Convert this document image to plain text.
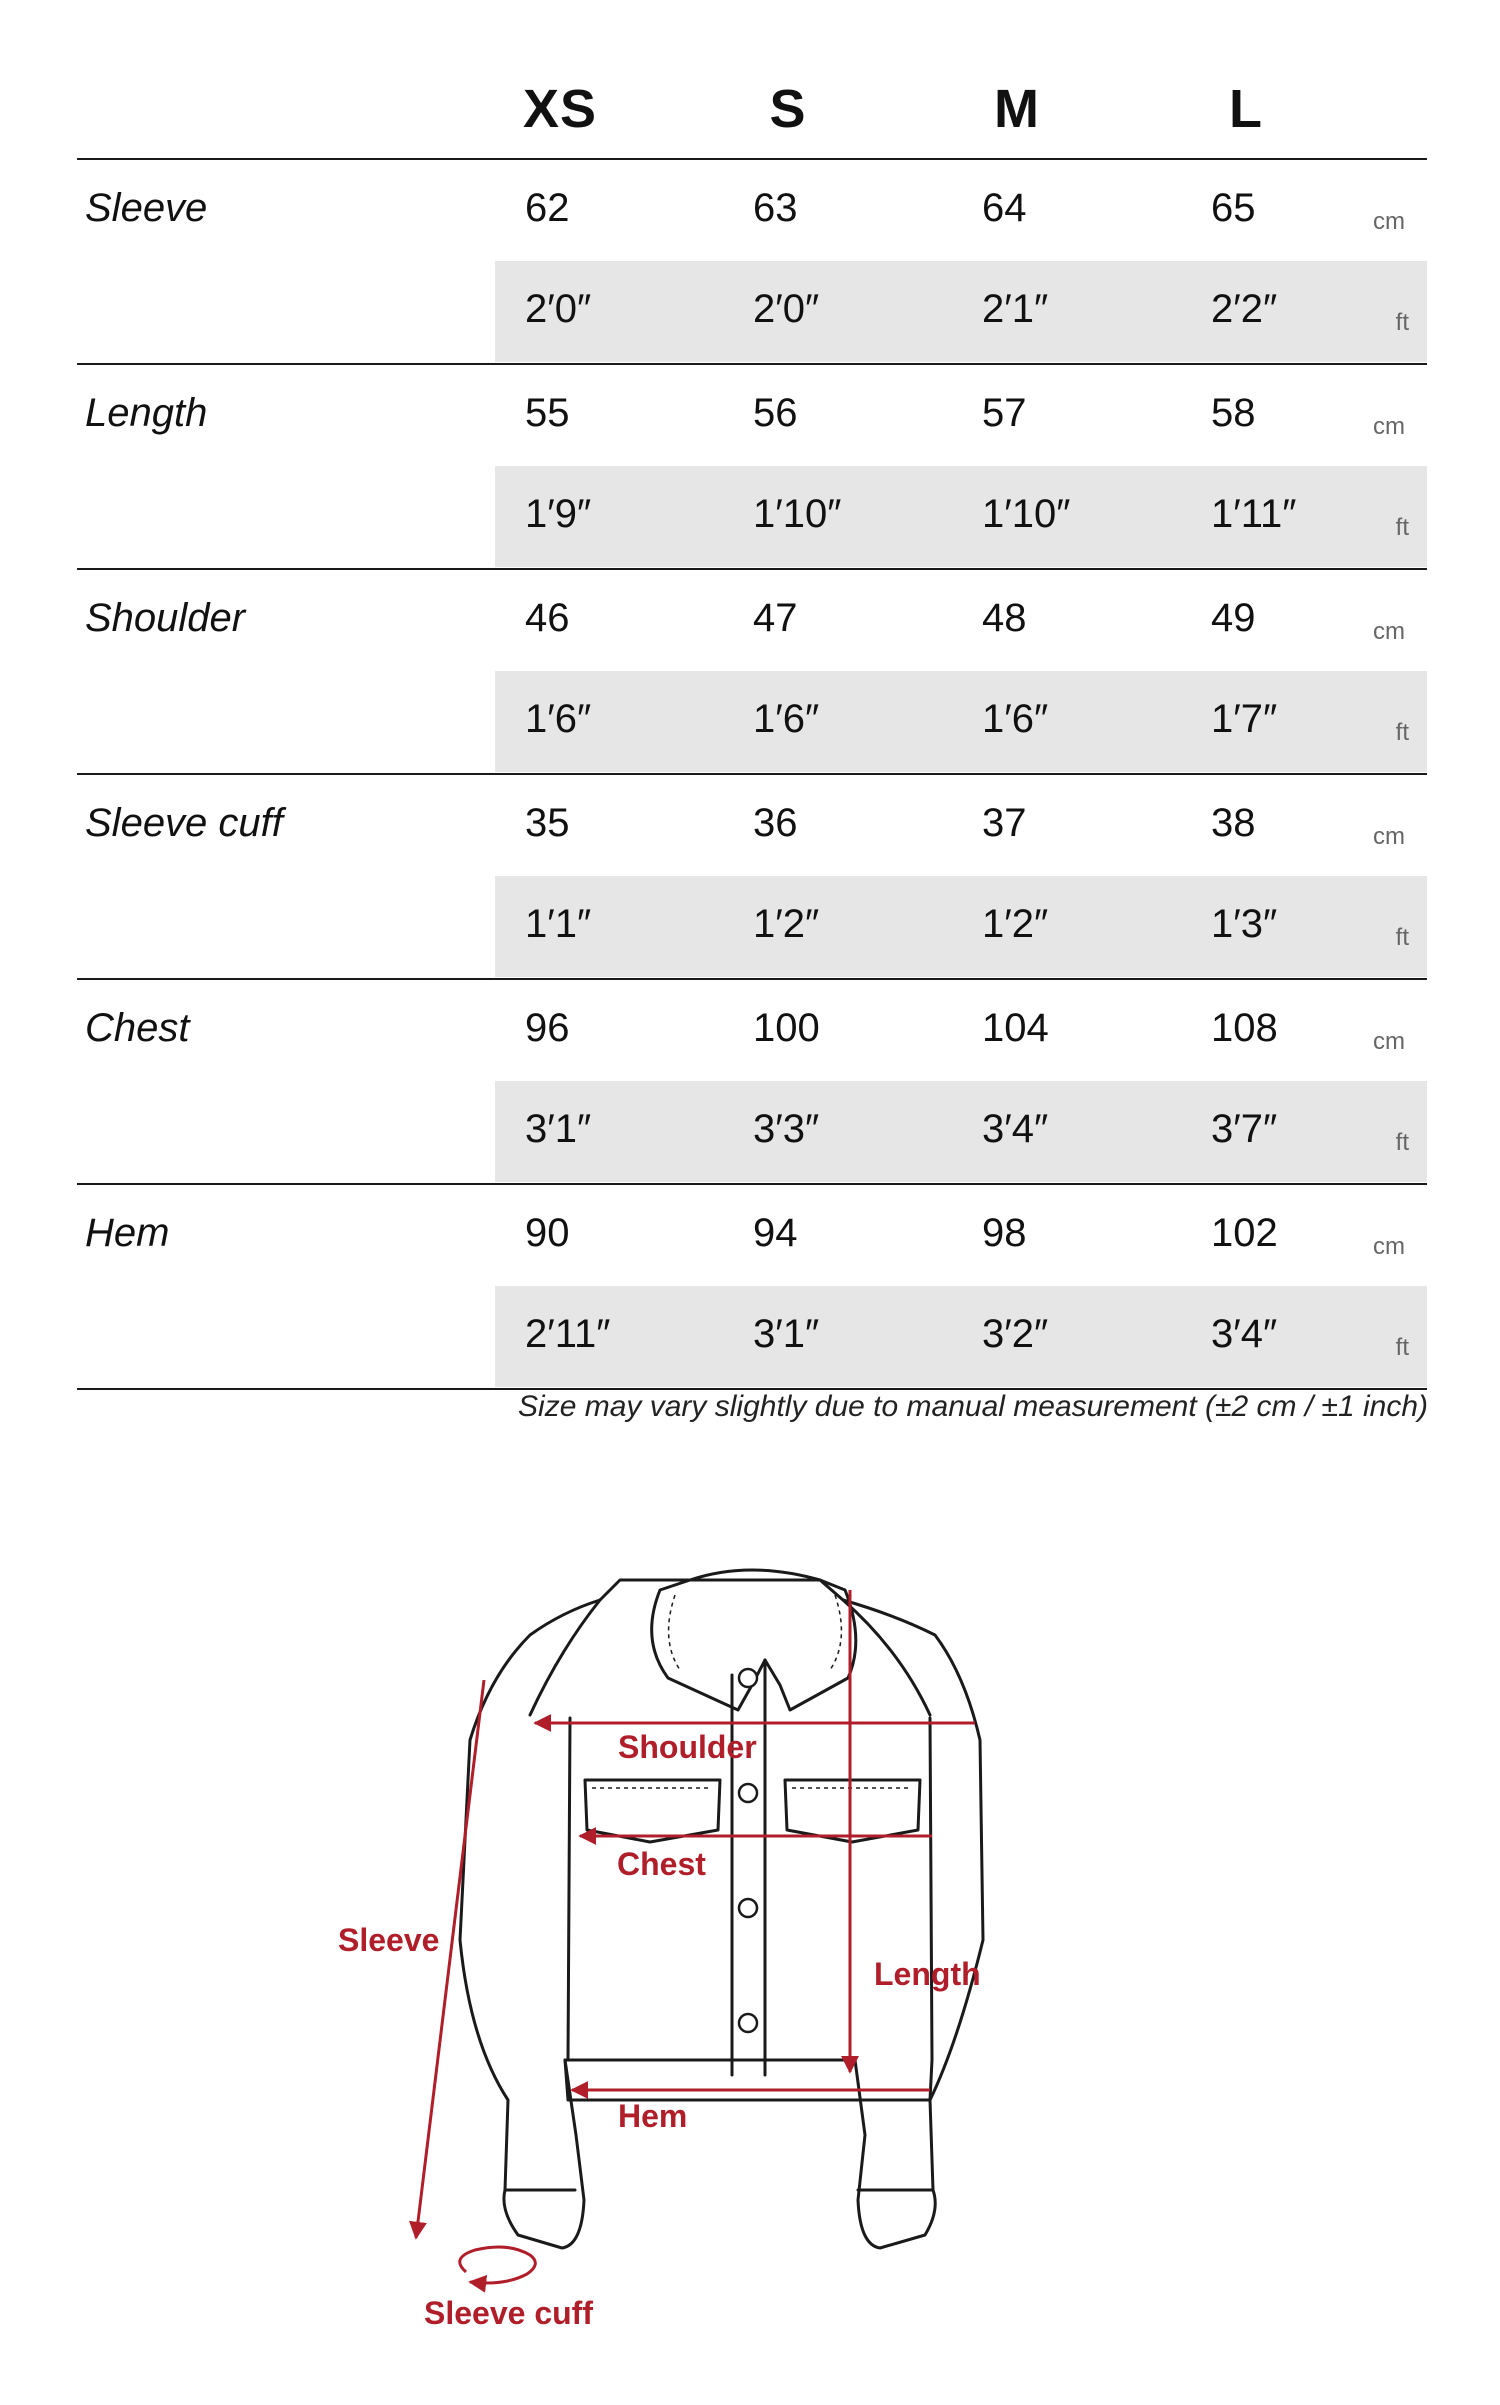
XS	S	M	L
Sleeve	62	63	64	65	cm
2′0″	2′0″	2′1″	2′2″	ft
Length	55	56	57	58	cm
1′9″	1′10″	1′10″	1′11″	ft
Shoulder	46	47	48	49	cm
1′6″	1′6″	1′6″	1′7″	ft
Sleeve cuff	35	36	37	38	cm
1′1″	1′2″	1′2″	1′3″	ft
Chest	96	100	104	108	cm
3′1″	3′3″	3′4″	3′7″	ft
Hem	90	94	98	102	cm
2′11″	3′1″	3′2″	3′4″	ft
Size may vary slightly due to manual measurement (±2 cm / ±1 inch)
Shoulder
Chest
Sleeve
Length
Hem
Sleeve cuff
